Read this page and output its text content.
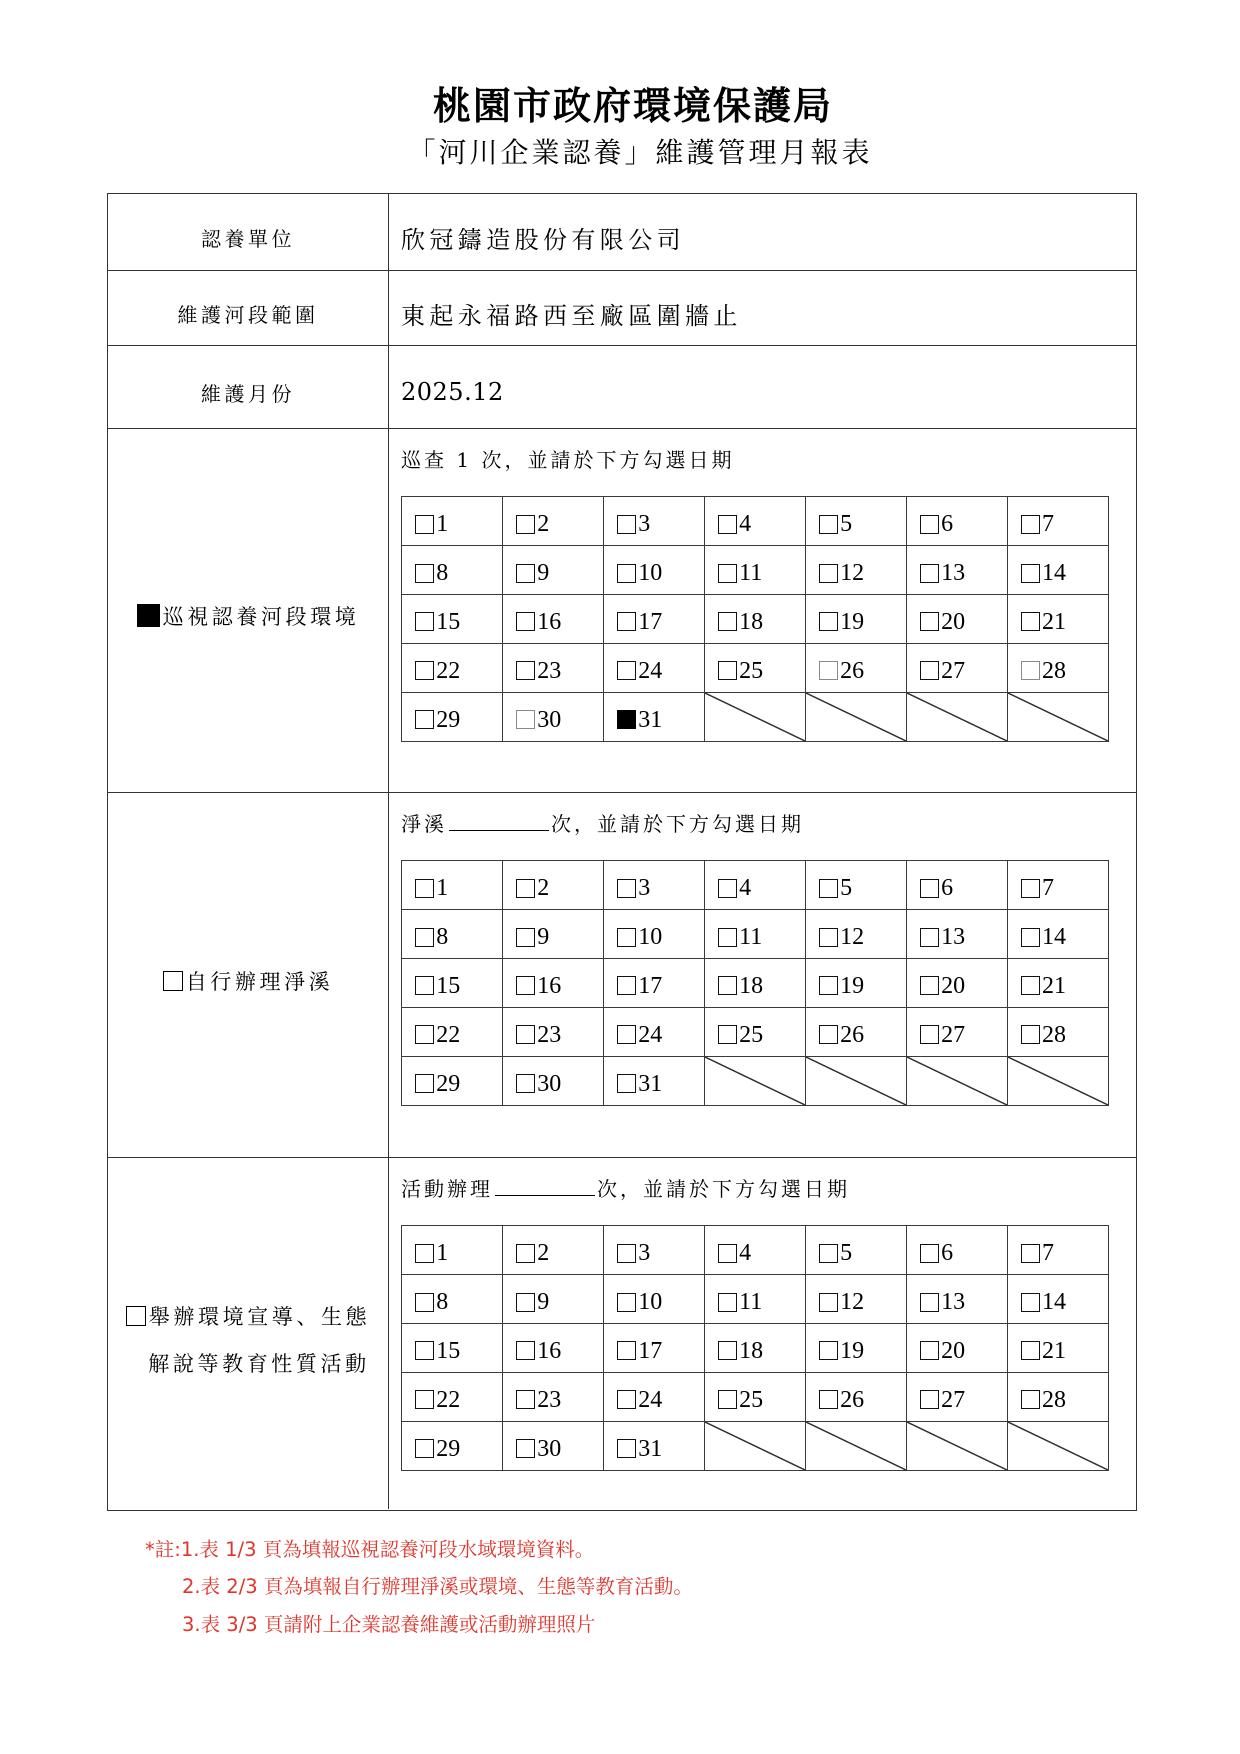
桃園市政府環境保護局
「河川企業認養」維護管理月報表
認養單位	欣冠鑄造股份有限公司
維護河段範圍	東起永福路西至廠區圍牆止
維護月份	2025.12
巡視認養河段環境
巡查 1 次，並請於下方勾選日期
1	2	3	4	5	6	7
8	9	10	11	12	13	14
15	16	17	18	19	20	21
22	23	24	25	26	27	28
29	30	31
自行辦理淨溪
淨溪	次，並請於下方勾選日期
1	2	3	4	5	6	7
8	9	10	11	12	13	14
15	16	17	18	19	20	21
22	23	24	25	26	27	28
29	30	31
舉辦環境宣導、生態
解說等教育性質活動
活動辦理	次，並請於下方勾選日期
1	2	3	4	5	6	7
8	9	10	11	12	13	14
15	16	17	18	19	20	21
22	23	24	25	26	27	28
29	30	31
*註:1.表 1/3 頁為填報巡視認養河段水域環境資料。
2.表 2/3 頁為填報自行辦理淨溪或環境、生態等教育活動。
3.表 3/3 頁請附上企業認養維護或活動辦理照片
